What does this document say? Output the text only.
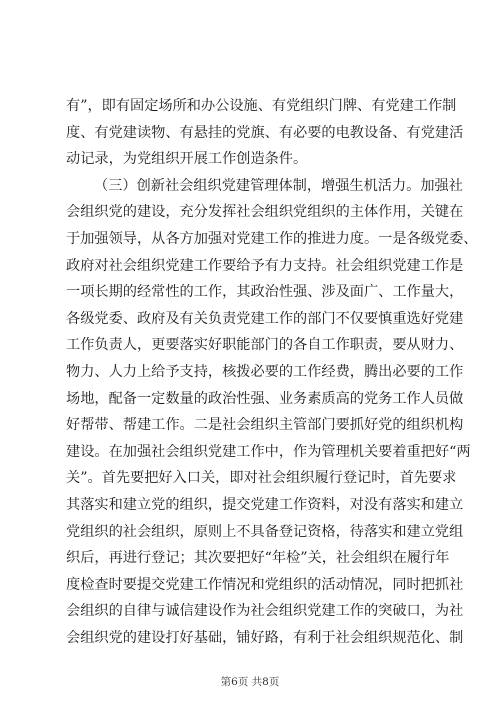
有”，即有固定场所和办公设施、有党组织门牌、有党建工作制
度、有党建读物、有悬挂的党旗、有必要的电教设备、有党建活
动记录，为党组织开展工作创造条件。
（三）创新社会组织党建管理体制，增强生机活力。加强社
会组织党的建设，充分发挥社会组织党组织的主体作用，关键在
于加强领导，从各方加强对党建工作的推进力度。一是各级党委、
政府对社会组织党建工作要给予有力支持。社会组织党建工作是
一项长期的经常性的工作，其政治性强、涉及面广、工作量大，
各级党委、政府及有关负责党建工作的部门不仅要慎重选好党建
工作负责人，更要落实好职能部门的各自工作职责，要从财力、
物力、人力上给予支持，核拨必要的工作经费，腾出必要的工作
场地，配备一定数量的政治性强、业务素质高的党务工作人员做
好帮带、帮建工作。二是社会组织主管部门要抓好党的组织机构
建设。在加强社会组织党建工作中，作为管理机关要着重把好“两
关”。首先要把好入口关，即对社会组织履行登记时，首先要求
其落实和建立党的组织，提交党建工作资料，对没有落实和建立
党组织的社会组织，原则上不具备登记资格，待落实和建立党组
织后，再进行登记；其次要把好“年检”关，社会组织在履行年
度检查时要提交党建工作情况和党组织的活动情况，同时把抓社
会组织的自律与诚信建设作为社会组织党建工作的突破口，为社
会组织党的建设打好基础，铺好路，有利于社会组织规范化、制
第6页 共8页
